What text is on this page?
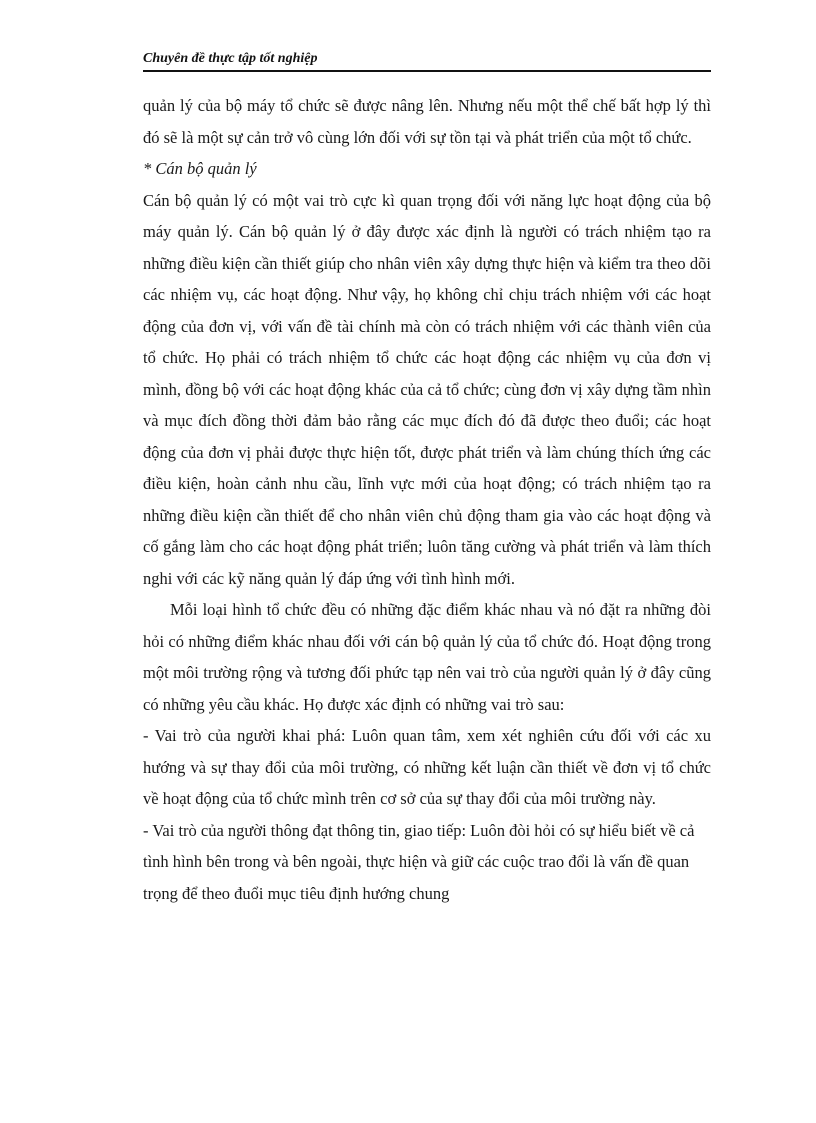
Chuyên đề thực tập tốt nghiệp

quản lý của bộ máy tổ chức sẽ được nâng lên. Nhưng nếu một thể chế bất hợp lý thì đó sẽ là một sự cản trở vô cùng lớn đối với sự tồn tại và phát triển của một tổ chức.

* Cán bộ quản lý

Cán bộ quản lý có một vai trò cực kì quan trọng đối với năng lực hoạt động của bộ máy quản lý. Cán bộ quản lý ở đây được xác định là người có trách nhiệm tạo ra những điều kiện cần thiết giúp cho nhân viên xây dựng thực hiện và kiểm tra theo dõi các nhiệm vụ, các hoạt động. Như vậy, họ không chỉ chịu trách nhiệm với các hoạt động của đơn vị, với vấn đề tài chính mà còn có trách nhiệm với các thành viên của tổ chức. Họ phải có trách nhiệm tổ chức các hoạt động các nhiệm vụ của đơn vị mình, đồng bộ với các hoạt động khác của cả tổ chức; cùng đơn vị xây dựng tầm nhìn và mục đích đồng thời đảm bảo rằng các mục đích đó đã được theo đuổi; các hoạt động của đơn vị phải được thực hiện tốt, được phát triển và làm chúng thích ứng các điều kiện, hoàn cảnh nhu cầu, lĩnh vực mới của hoạt động; có trách nhiệm tạo ra những điều kiện cần thiết để cho nhân viên chủ động tham gia vào các hoạt động và cố gắng làm cho các hoạt động phát triển; luôn tăng cường và phát triển và làm thích nghi với các kỹ năng quản lý đáp ứng với tình hình mới.

Mỗi loại hình tổ chức đều có những đặc điểm khác nhau và nó đặt ra những đòi hỏi có những điểm khác nhau đối với cán bộ quản lý của tổ chức đó. Hoạt động trong một môi trường rộng và tương đối phức tạp nên vai trò của người quản lý ở đây cũng có những yêu cầu khác. Họ được xác định có những vai trò sau:

- Vai trò của người khai phá: Luôn quan tâm, xem xét nghiên cứu đối với các xu hướng và sự thay đổi của môi trường, có những kết luận cần thiết về đơn vị tổ chức về hoạt động của tổ chức mình trên cơ sở của sự thay đổi của môi trường này.

- Vai trò của người thông đạt thông tin, giao tiếp: Luôn đòi hỏi có sự hiểu biết về cả tình hình bên trong và bên ngoài, thực hiện và giữ các cuộc trao đổi là vấn đề quan trọng để theo đuổi mục tiêu định hướng chung
